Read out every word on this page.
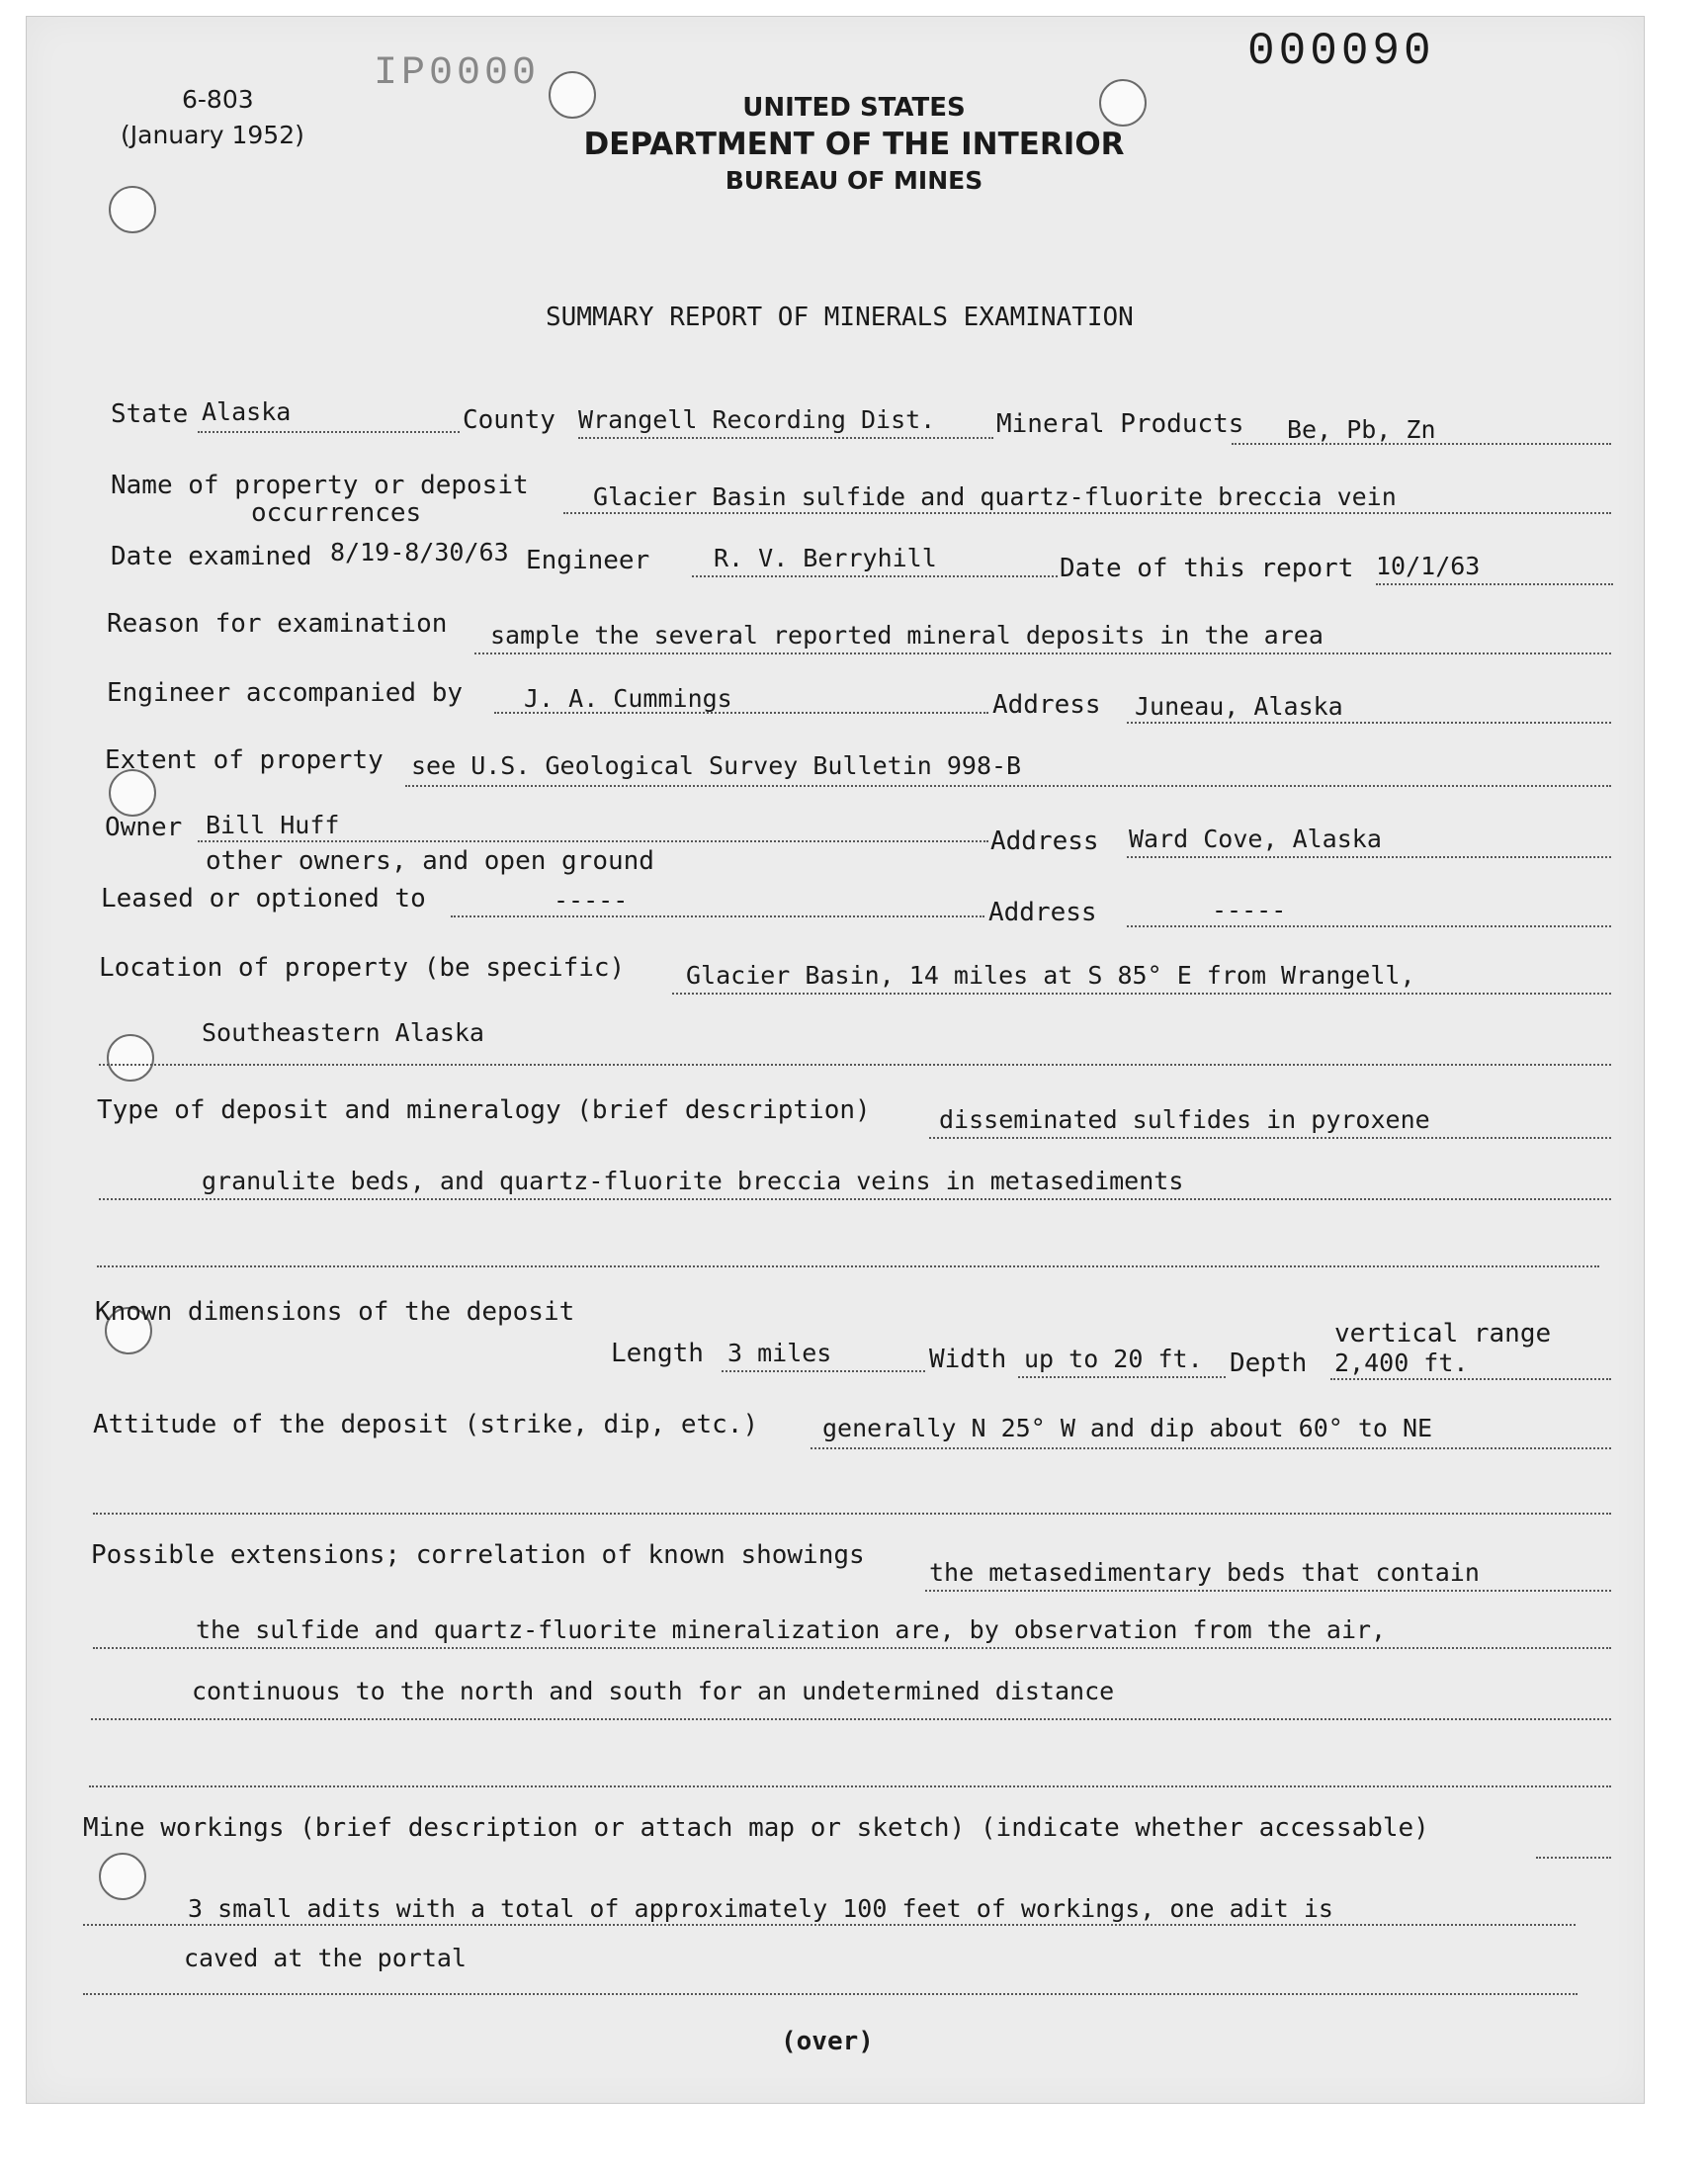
000090
IP0000
6-803
(January 1952)
UNITED STATES
DEPARTMENT OF THE INTERIOR
BUREAU OF MINES
SUMMARY REPORT OF MINERALS EXAMINATION
State Alaska	County Wrangell Recording Dist. Mineral Products Be, Pb, Zn
Name of property or deposit	Glacier Basin sulfide and quartz-fluorite breccia vein
occurrences
Date examined 8/19-8/30/63 Engineer	R. V. Berryhill	Date of this report 10/1/63
Reason for examination sample the several reported mineral deposits in the area
Engineer accompanied by J. A. Cummings	Address Juneau, Alaska
Extent of property see U.S. Geological Survey Bulletin 998-B
Owner Bill Huff
other owners, and open ground
Address Ward Cove, Alaska
Leased or optioned to	-----	Address	-----
Location of property (be specific) Glacier Basin, 14 miles at S 85° E from Wrangell,
Southeastern Alaska
Type of deposit and mineralogy (brief description)	disseminated sulfides in pyroxene
granulite beds, and quartz-fluorite breccia veins in metasediments
Known dimensions of the deposit
vertical range
Length 3 miles	Width up to 20 ft. Depth 2,400 ft.
Attitude of the deposit (strike, dip, etc.)	generally N 25° W and dip about 60° to NE
Possible extensions; correlation of known showings
the metasedimentary beds that contain
the sulfide and quartz-fluorite mineralization are, by observation from the air,
continuous to the north and south for an undetermined distance
Mine workings (brief description or attach map or sketch) (indicate whether accessable)
3 small adits with a total of approximately 100 feet of workings, one adit is
caved at the portal
(over)
